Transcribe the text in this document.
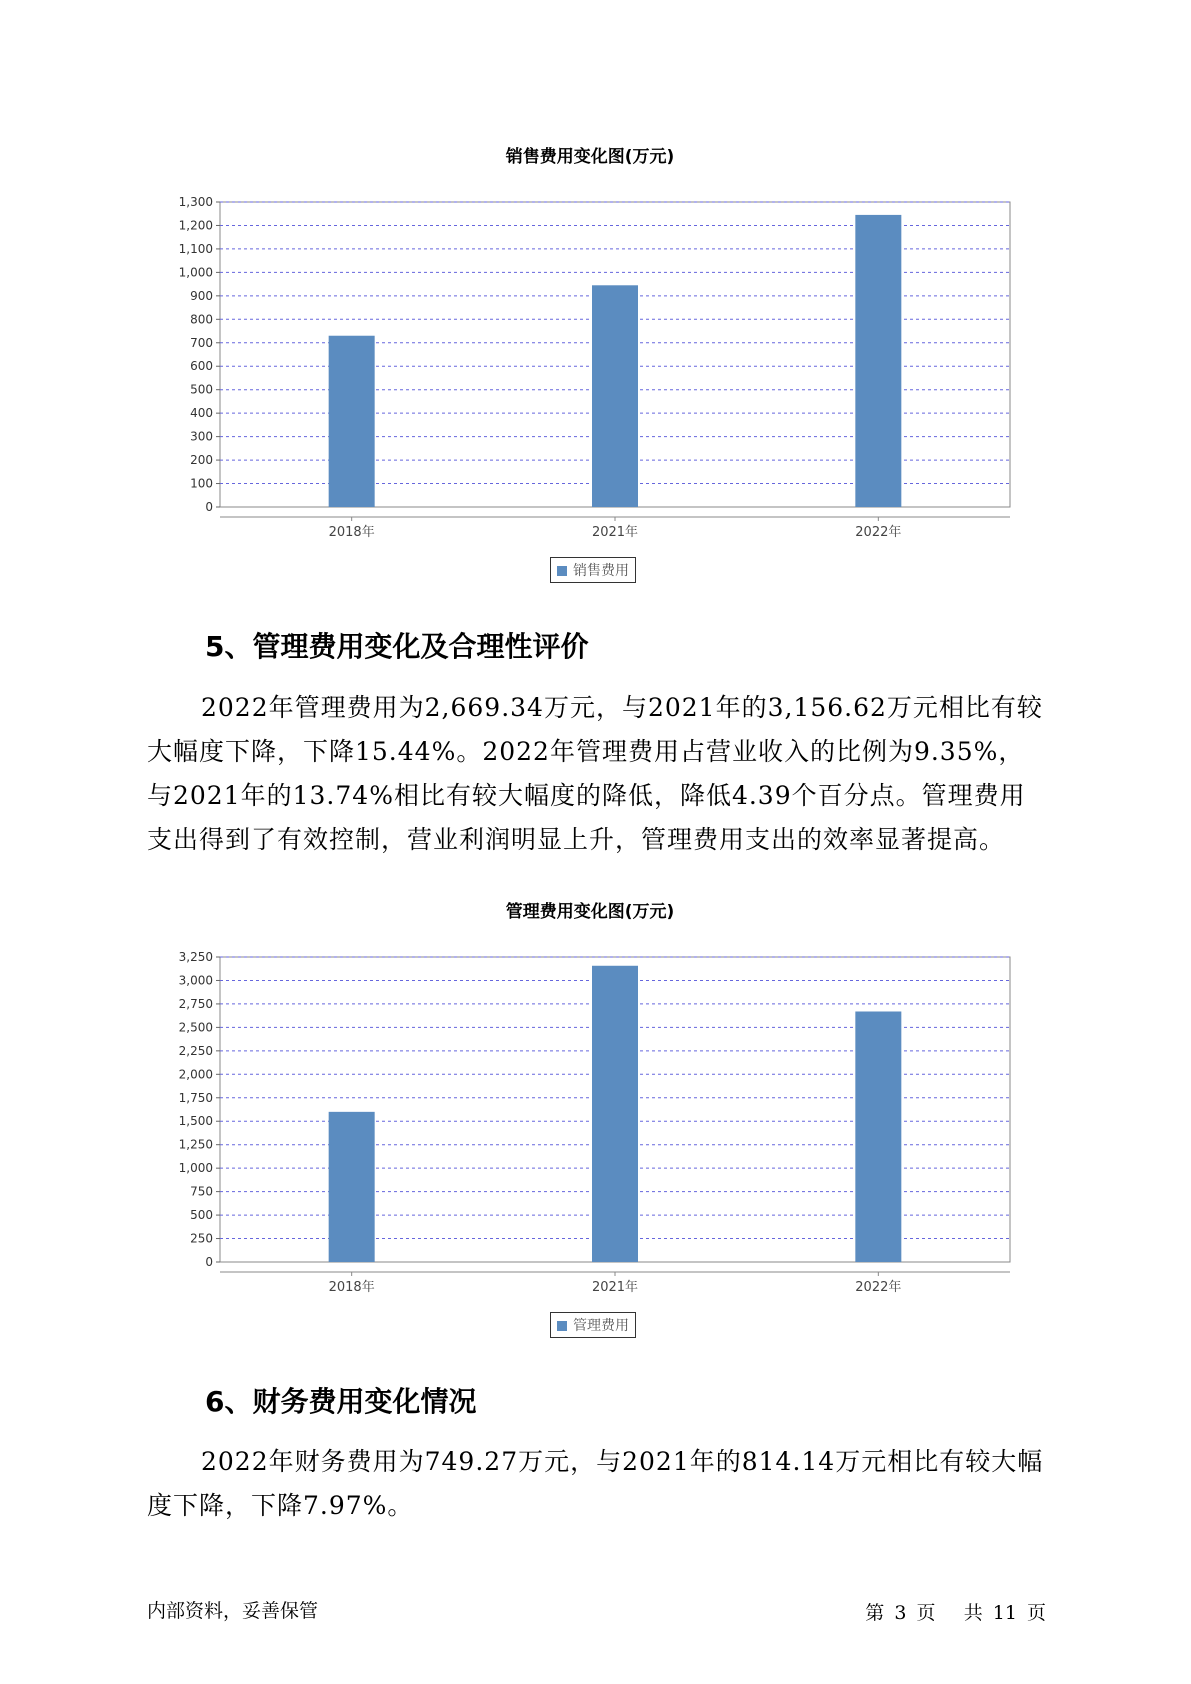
销售费用变化图(万元)
0
100
200
300
400
500
600
700
800
900
1,000
1,100
1,200
1,300
2018年	2021年	2022年
销售费用
5、管理费用变化及合理性评价
2022年管理费用为2,669.34万元，与2021年的3,156.62万元相比有较大幅度下降，下降15.44%。2022年管理费用占营业收入的比例为9.35%，与2021年的13.74%相比有较大幅度的降低，降低4.39个百分点。管理费用支出得到了有效控制，营业利润明显上升，管理费用支出的效率显著提高。
管理费用变化图(万元)
0
250
500
750
1,000
1,250
1,500
1,750
2,000
2,250
2,500
2,750
3,000
3,250
2018年	2021年	2022年
管理费用
6、财务费用变化情况
2022年财务费用为749.27万元，与2021年的814.14万元相比有较大幅度下降，下降7.97%。
内部资料，妥善保管	第 3 页 共 11 页
